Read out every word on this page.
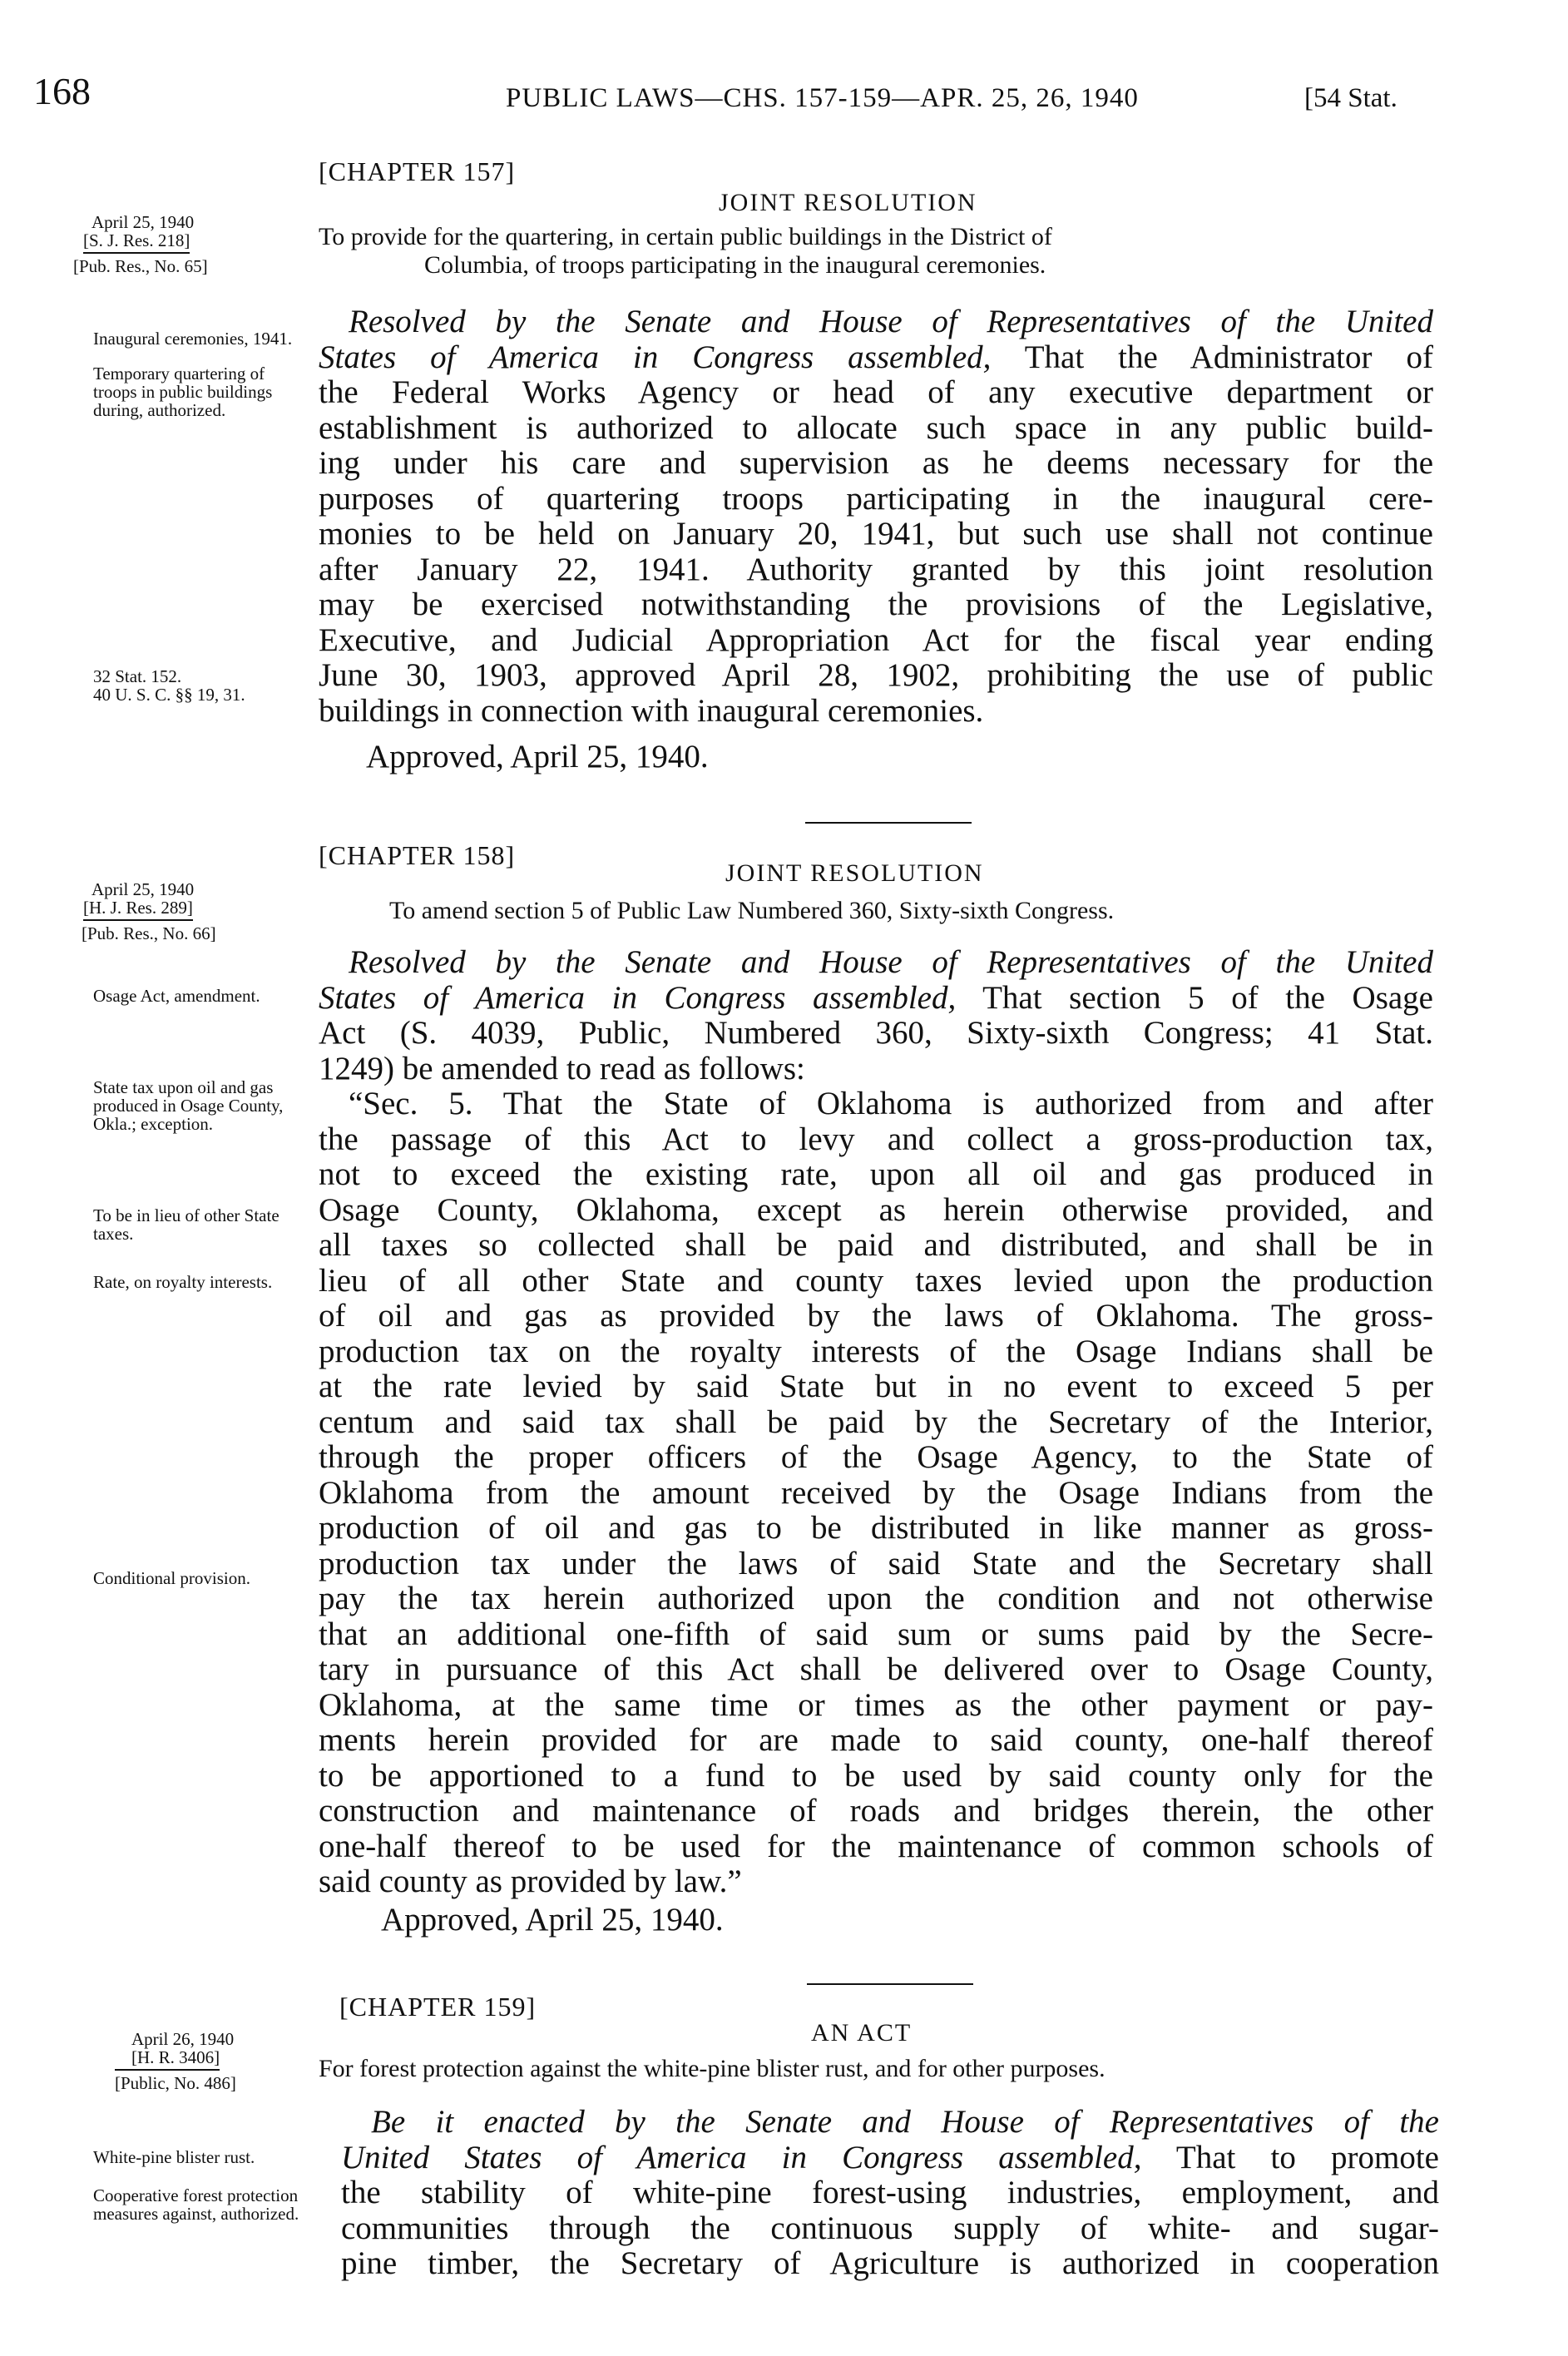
168	PUBLIC LAWS—CHS. 157-159—APR. 25, 26, 1940	[54 Stat.
[CHAPTER 157]
JOINT RESOLUTION
To provide for the quartering, in certain public buildings in the District of
Columbia, of troops participating in the inaugural ceremonies.

April 25, 1940

[S. J. Res. 218]

[Pub. Res., No. 65]

Inaugural ceremonies, 1941.
Temporary quartering of troops in public buildings during, authorized.
32 Stat. 152.
40 U. S. C. §§ 19, 31.
Resolved by the Senate and House of Representatives of the United
States of America in Congress assembled, That the Administrator of
the Federal Works Agency or head of any executive department or
establishment is authorized to allocate such space in any public build-
ing under his care and supervision as he deems necessary for the
purposes of quartering troops participating in the inaugural cere-
monies to be held on January 20, 1941, but such use shall not continue
after January 22, 1941. Authority granted by this joint resolution
may be exercised notwithstanding the provisions of the Legislative,
Executive, and Judicial Appropriation Act for the fiscal year ending
June 30, 1903, approved April 28, 1902, prohibiting the use of public
buildings in connection with inaugural ceremonies.
Approved, April 25, 1940.
[CHAPTER 158]
JOINT RESOLUTION
To amend section 5 of Public Law Numbered 360, Sixty-sixth Congress.

April 25, 1940

[H. J. Res. 289]

[Pub. Res., No. 66]

Osage Act, amendment.
State tax upon oil and gas produced in Osage County, Okla.; exception.
To be in lieu of other State taxes.
Rate, on royalty interests.
Conditional provision.
Resolved by the Senate and House of Representatives of the United
States of America in Congress assembled, That section 5 of the Osage
Act (S. 4039, Public, Numbered 360, Sixty-sixth Congress; 41 Stat.
1249) be amended to read as follows:
“Sec. 5. That the State of Oklahoma is authorized from and after
the passage of this Act to levy and collect a gross-production tax,
not to exceed the existing rate, upon all oil and gas produced in
Osage County, Oklahoma, except as herein otherwise provided, and
all taxes so collected shall be paid and distributed, and shall be in
lieu of all other State and county taxes levied upon the production
of oil and gas as provided by the laws of Oklahoma. The gross-
production tax on the royalty interests of the Osage Indians shall be
at the rate levied by said State but in no event to exceed 5 per
centum and said tax shall be paid by the Secretary of the Interior,
through the proper officers of the Osage Agency, to the State of
Oklahoma from the amount received by the Osage Indians from the
production of oil and gas to be distributed in like manner as gross-
production tax under the laws of said State and the Secretary shall
pay the tax herein authorized upon the condition and not otherwise
that an additional one-fifth of said sum or sums paid by the Secre-
tary in pursuance of this Act shall be delivered over to Osage County,
Oklahoma, at the same time or times as the other payment or pay-
ments herein provided for are made to said county, one-half thereof
to be apportioned to a fund to be used by said county only for the
construction and maintenance of roads and bridges therein, the other
one-half thereof to be used for the maintenance of common schools of
said county as provided by law.”
Approved, April 25, 1940.
[CHAPTER 159]
AN ACT
For forest protection against the white-pine blister rust, and for other purposes.

April 26, 1940

[H. R. 3406]

[Public, No. 486]

White-pine blister rust.
Cooperative forest protection measures against, authorized.
Be it enacted by the Senate and House of Representatives of the
United States of America in Congress assembled, That to promote
the stability of white-pine forest-using industries, employment, and
communities through the continuous supply of white- and sugar-
pine timber, the Secretary of Agriculture is authorized in cooperation
